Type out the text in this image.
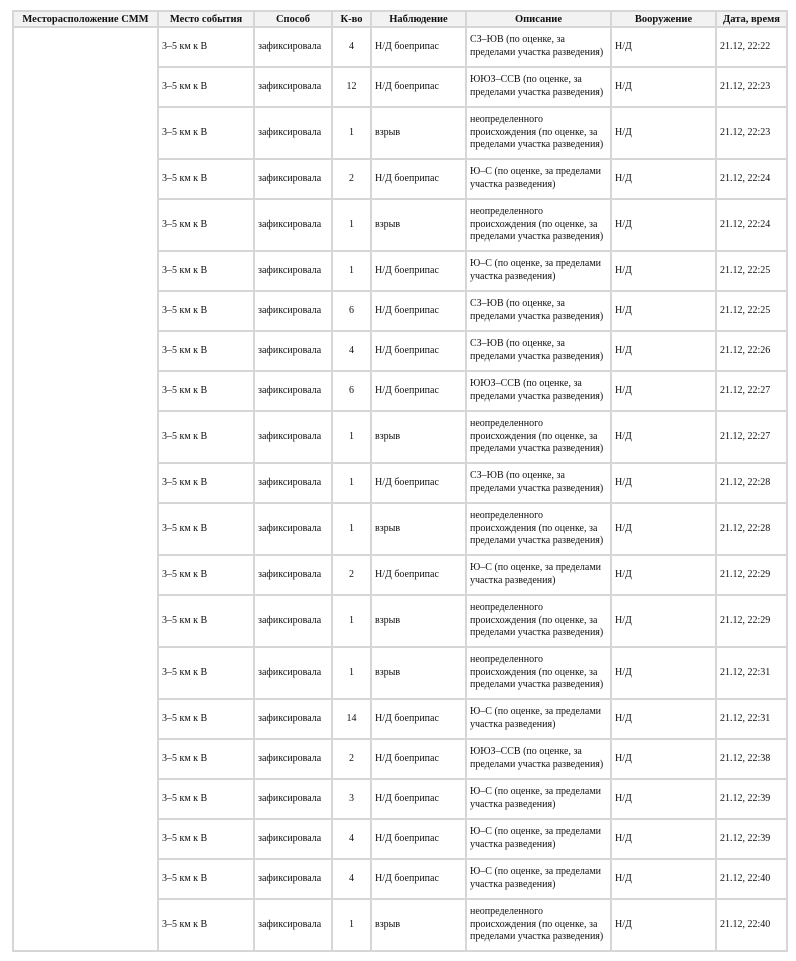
Месторасположение СММ	Место события	Способ	К-во	Наблюдение	Описание	Вооружение	Дата, время
	3–5 км к В	зафиксировала	4	Н/Д боеприпас	СЗ–ЮВ (по оценке, за пределами участка разведения)	Н/Д	21.12, 22:22
	3–5 км к В	зафиксировала	12	Н/Д боеприпас	ЮЮЗ–ССВ (по оценке, за пределами участка разведения)	Н/Д	21.12, 22:23
	3–5 км к В	зафиксировала	1	взрыв	неопределенного происхождения (по оценке, за пределами участка разведения)	Н/Д	21.12, 22:23
	3–5 км к В	зафиксировала	2	Н/Д боеприпас	Ю–С (по оценке, за пределами участка разведения)	Н/Д	21.12, 22:24
	3–5 км к В	зафиксировала	1	взрыв	неопределенного происхождения (по оценке, за пределами участка разведения)	Н/Д	21.12, 22:24
	3–5 км к В	зафиксировала	1	Н/Д боеприпас	Ю–С (по оценке, за пределами участка разведения)	Н/Д	21.12, 22:25
	3–5 км к В	зафиксировала	6	Н/Д боеприпас	СЗ–ЮВ (по оценке, за пределами участка разведения)	Н/Д	21.12, 22:25
	3–5 км к В	зафиксировала	4	Н/Д боеприпас	СЗ–ЮВ (по оценке, за пределами участка разведения)	Н/Д	21.12, 22:26
	3–5 км к В	зафиксировала	6	Н/Д боеприпас	ЮЮЗ–ССВ (по оценке, за пределами участка разведения)	Н/Д	21.12, 22:27
	3–5 км к В	зафиксировала	1	взрыв	неопределенного происхождения (по оценке, за пределами участка разведения)	Н/Д	21.12, 22:27
	3–5 км к В	зафиксировала	1	Н/Д боеприпас	СЗ–ЮВ (по оценке, за пределами участка разведения)	Н/Д	21.12, 22:28
	3–5 км к В	зафиксировала	1	взрыв	неопределенного происхождения (по оценке, за пределами участка разведения)	Н/Д	21.12, 22:28
	3–5 км к В	зафиксировала	2	Н/Д боеприпас	Ю–С (по оценке, за пределами участка разведения)	Н/Д	21.12, 22:29
	3–5 км к В	зафиксировала	1	взрыв	неопределенного происхождения (по оценке, за пределами участка разведения)	Н/Д	21.12, 22:29
	3–5 км к В	зафиксировала	1	взрыв	неопределенного происхождения (по оценке, за пределами участка разведения)	Н/Д	21.12, 22:31
	3–5 км к В	зафиксировала	14	Н/Д боеприпас	Ю–С (по оценке, за пределами участка разведения)	Н/Д	21.12, 22:31
	3–5 км к В	зафиксировала	2	Н/Д боеприпас	ЮЮЗ–ССВ (по оценке, за пределами участка разведения)	Н/Д	21.12, 22:38
	3–5 км к В	зафиксировала	3	Н/Д боеприпас	Ю–С (по оценке, за пределами участка разведения)	Н/Д	21.12, 22:39
	3–5 км к В	зафиксировала	4	Н/Д боеприпас	Ю–С (по оценке, за пределами участка разведения)	Н/Д	21.12, 22:39
	3–5 км к В	зафиксировала	4	Н/Д боеприпас	Ю–С (по оценке, за пределами участка разведения)	Н/Д	21.12, 22:40
	3–5 км к В	зафиксировала	1	взрыв	неопределенного происхождения (по оценке, за пределами участка разведения)	Н/Д	21.12, 22:40
